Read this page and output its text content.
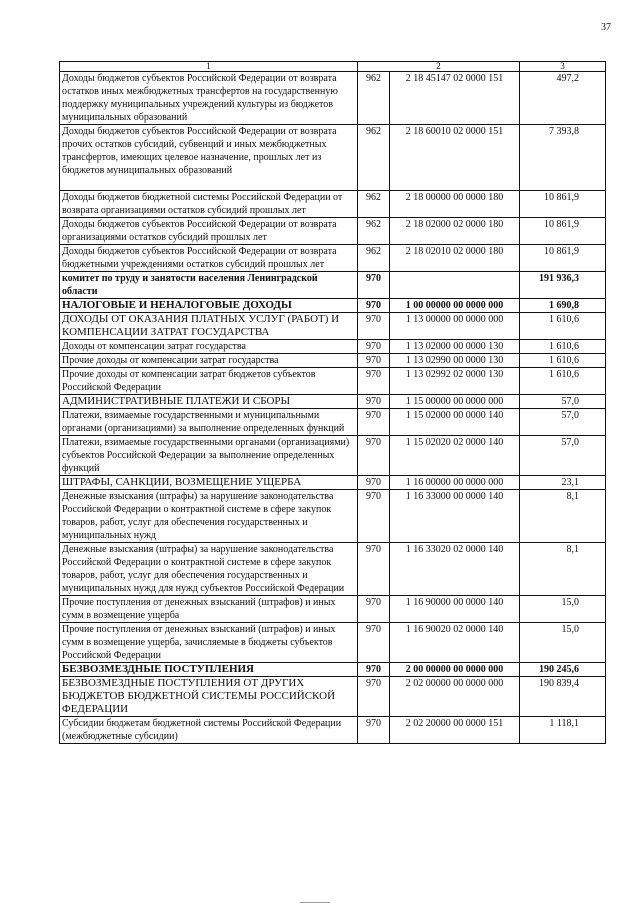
37
1	2		3
Доходы бюджетов субъектов Российской Федерации от возврата остатков иных межбюджетных трансфертов на государственную поддержку муниципальных учреждений культуры из бюджетов муниципальных образований	962	2 18 45147 02 0000 151	497,2
Доходы бюджетов субъектов Российской Федерации от возврата прочих остатков субсидий, субвенций и иных межбюджетных трансфертов, имеющих целевое назначение, прошлых лет из бюджетов муниципальных образований	962	2 18 60010 02 0000 151	7 393,8
Доходы бюджетов бюджетной системы Российской Федерации от возврата организациями остатков субсидий прошлых лет	962	2 18 00000 00 0000 180	10 861,9
Доходы бюджетов субъектов Российской Федерации от возврата организациями остатков субсидий прошлых лет	962	2 18 02000 02 0000 180	10 861,9
Доходы бюджетов субъектов Российской Федерации от возврата бюджетными учреждениями остатков субсидий прошлых лет	962	2 18 02010 02 0000 180	10 861,9
комитет по труду и занятости населения Ленинградской области	970		191 936,3
НАЛОГОВЫЕ И НЕНАЛОГОВЫЕ ДОХОДЫ	970	1 00 00000 00 0000 000	1 690,8
ДОХОДЫ ОТ ОКАЗАНИЯ ПЛАТНЫХ УСЛУГ (РАБОТ) И КОМПЕНСАЦИИ ЗАТРАТ ГОСУДАРСТВА	970	1 13 00000 00 0000 000	1 610,6
Доходы от компенсации затрат государства	970	1 13 02000 00 0000 130	1 610,6
Прочие доходы от компенсации затрат государства	970	1 13 02990 00 0000 130	1 610,6
Прочие доходы от компенсации затрат бюджетов субъектов Российской Федерации	970	1 13 02992 02 0000 130	1 610,6
АДМИНИСТРАТИВНЫЕ ПЛАТЕЖИ И СБОРЫ	970	1 15 00000 00 0000 000	57,0
Платежи, взимаемые государственными и муниципальными органами (организациями) за выполнение определенных функций	970	1 15 02000 00 0000 140	57,0
Платежи, взимаемые государственными органами (организациями) субъектов Российской Федерации за выполнение определенных функций	970	1 15 02020 02 0000 140	57,0
ШТРАФЫ, САНКЦИИ, ВОЗМЕЩЕНИЕ УЩЕРБА	970	1 16 00000 00 0000 000	23,1
Денежные взыскания (штрафы) за нарушение законодательства Российской Федерации о контрактной системе в сфере закупок товаров, работ, услуг для обеспечения государственных и муниципальных нужд	970	1 16 33000 00 0000 140	8,1
Денежные взыскания (штрафы) за нарушение законодательства Российской Федерации о контрактной системе в сфере закупок товаров, работ, услуг для обеспечения государственных и муниципальных нужд для нужд субъектов Российской Федерации	970	1 16 33020 02 0000 140	8,1
Прочие поступления от денежных взысканий (штрафов) и иных сумм в возмещение ущерба	970	1 16 90000 00 0000 140	15,0
Прочие поступления от денежных взысканий (штрафов) и иных сумм в возмещение ущерба, зачисляемые в бюджеты субъектов Российской Федерации	970	1 16 90020 02 0000 140	15,0
БЕЗВОЗМЕЗДНЫЕ ПОСТУПЛЕНИЯ	970	2 00 00000 00 0000 000	190 245,6
БЕЗВОЗМЕЗДНЫЕ ПОСТУПЛЕНИЯ ОТ ДРУГИХ БЮДЖЕТОВ БЮДЖЕТНОЙ СИСТЕМЫ РОССИЙСКОЙ ФЕДЕРАЦИИ	970	2 02 00000 00 0000 000	190 839,4
Субсидии бюджетам бюджетной системы Российской Федерации (межбюджетные субсидии)	970	2 02 20000 00 0000 151	1 118,1
